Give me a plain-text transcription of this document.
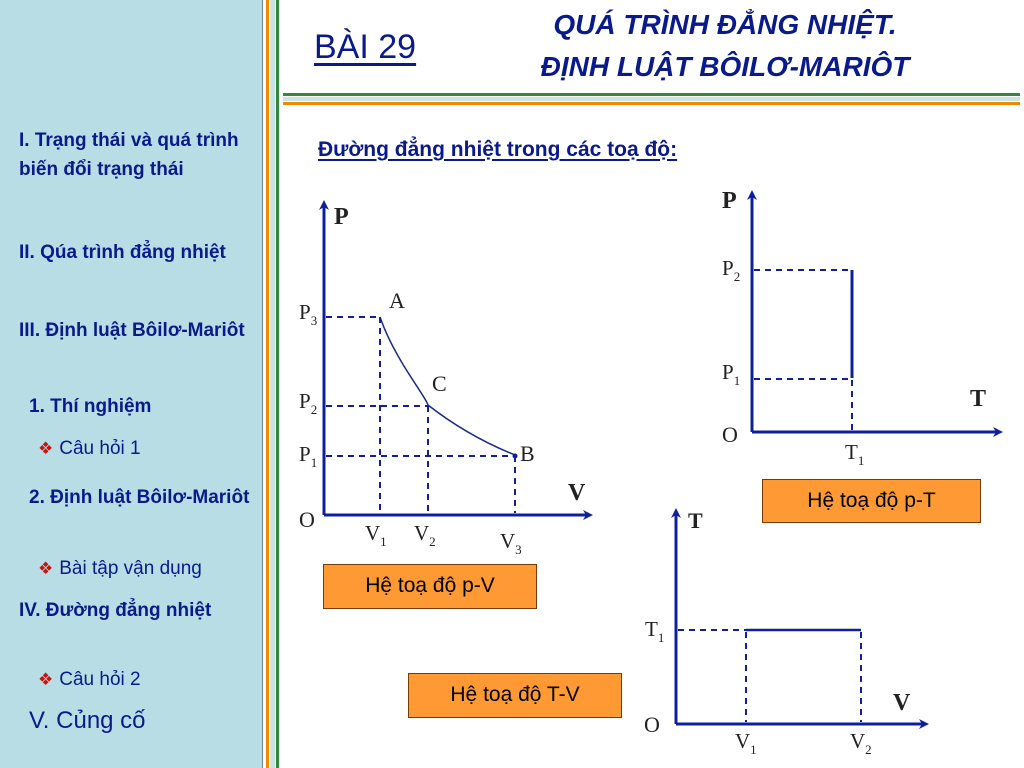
I. Trạng thái và quá trình biến đổi trạng thái
II. Qúa trình đẳng nhiệt
III. Định luật Bôilơ-Mariôt
1. Thí nghiệm
❖ Câu hỏi 1
2. Định luật Bôilơ-Mariôt
❖ Bài tập vận dụng
IV. Đường đẳng nhiệt
❖ Câu hỏi 2
V. Củng cố
BÀI 29
QUÁ TRÌNH ĐẲNG NHIỆT.
ĐỊNH LUẬT BÔILƠ-MARIÔT
Đường đẳng nhiệt trong các toạ độ:
P
V
O
A
C
B
$P_3$
$P_2$
$P_1$
$V_1$ $V_2$	$V_3$
P
T
O
$P_2$
$P_1$
$T_1$
T
V
O
$T_1$
$V_1$	$V_2$
Hệ toạ độ p-V
Hệ toạ độ p-T
Hệ toạ độ T-V
